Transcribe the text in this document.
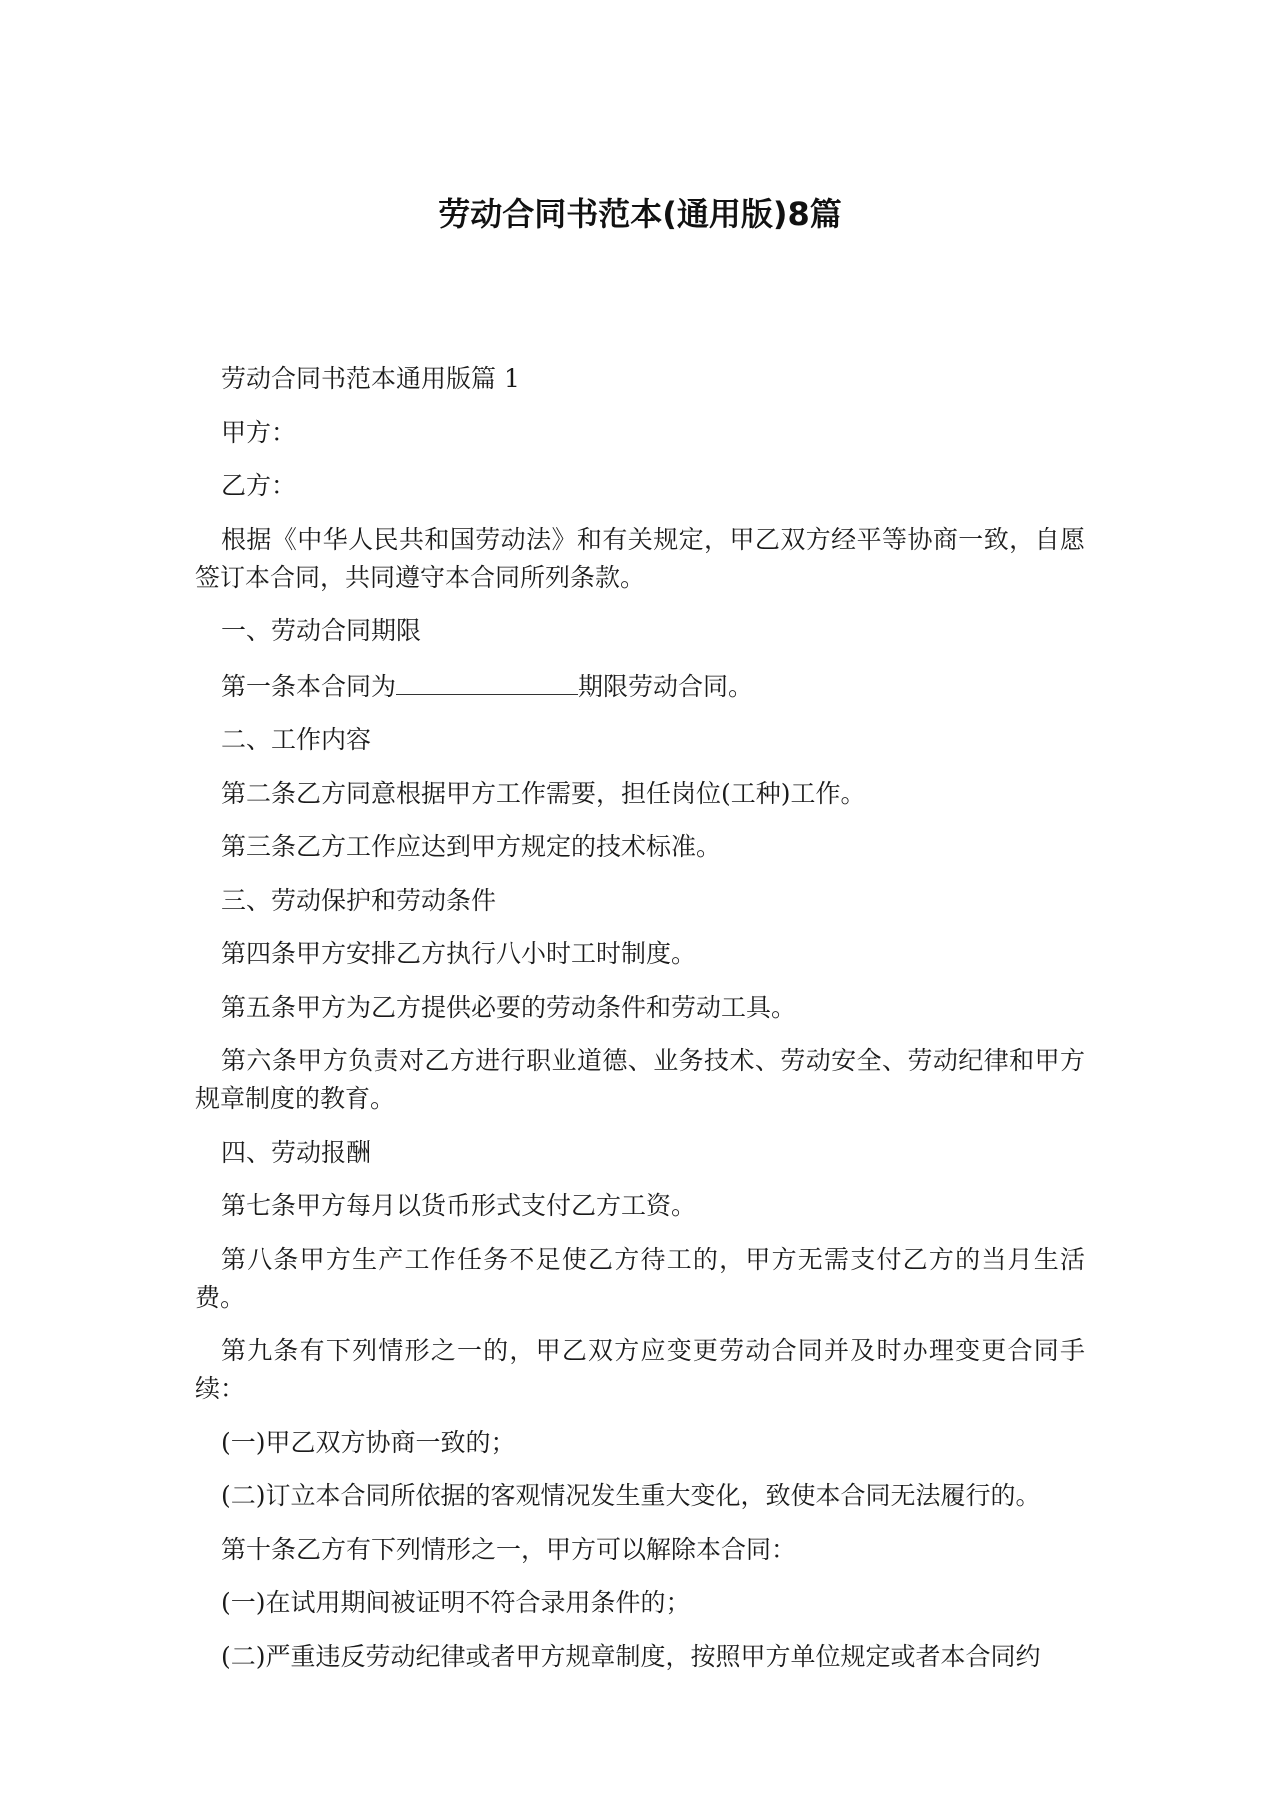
劳动合同书范本(通用版)8篇

劳动合同书范本通用版篇 1

甲方：

乙方：

根据《中华人民共和国劳动法》和有关规定，甲乙双方经平等协商一致，自愿签订本合同，共同遵守本合同所列条款。

一、劳动合同期限

第一条本合同为	期限劳动合同。

二、工作内容

第二条乙方同意根据甲方工作需要，担任岗位(工种)工作。

第三条乙方工作应达到甲方规定的技术标准。

三、劳动保护和劳动条件

第四条甲方安排乙方执行八小时工时制度。

第五条甲方为乙方提供必要的劳动条件和劳动工具。

第六条甲方负责对乙方进行职业道德、业务技术、劳动安全、劳动纪律和甲方规章制度的教育。

四、劳动报酬

第七条甲方每月以货币形式支付乙方工资。

第八条甲方生产工作任务不足使乙方待工的，甲方无需支付乙方的当月生活费。

第九条有下列情形之一的，甲乙双方应变更劳动合同并及时办理变更合同手续：

(一)甲乙双方协商一致的；

(二)订立本合同所依据的客观情况发生重大变化，致使本合同无法履行的。

第十条乙方有下列情形之一，甲方可以解除本合同：

(一)在试用期间被证明不符合录用条件的；

(二)严重违反劳动纪律或者甲方规章制度，按照甲方单位规定或者本合同约
